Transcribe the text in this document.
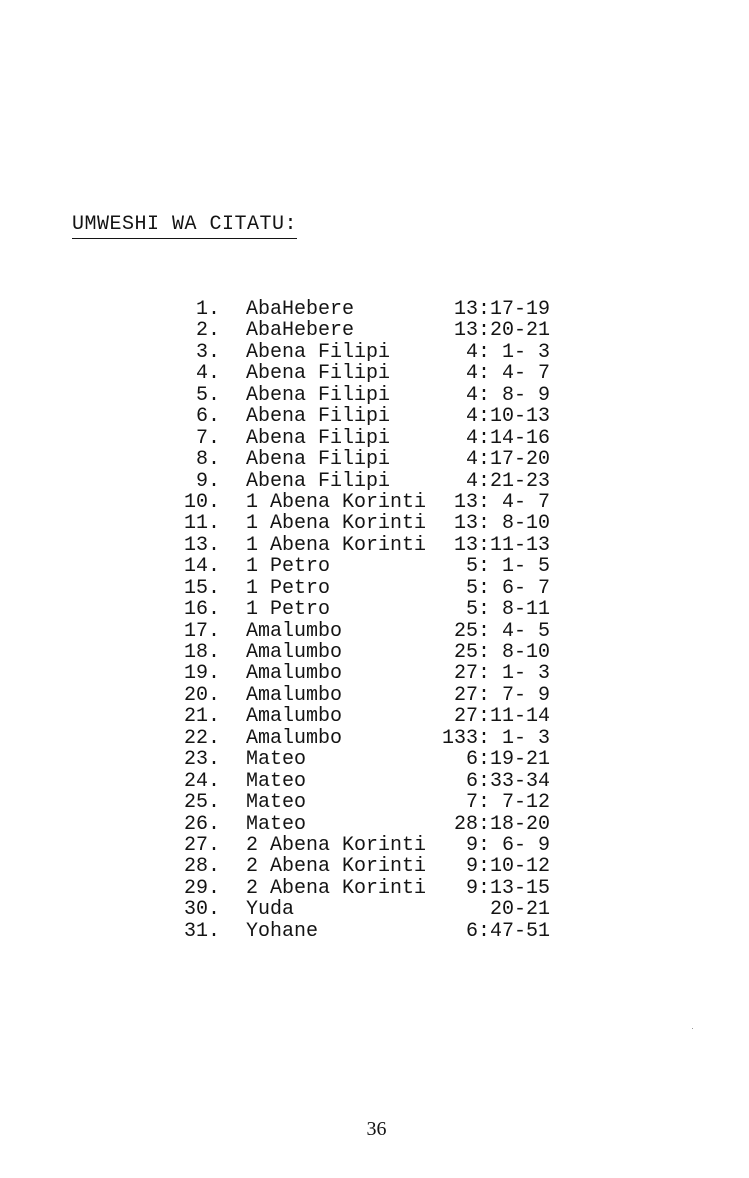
UMWESHI WA CITATU:
1. AbaHebere	13:17-19
2. AbaHebere	13:20-21
3. Abena Filipi	4: 1- 3
4. Abena Filipi	4: 4- 7
5. Abena Filipi	4: 8- 9
6. Abena Filipi	4:10-13
7. Abena Filipi	4:14-16
8. Abena Filipi	4:17-20
9. Abena Filipi	4:21-23
10. 1 Abena Korinti 13: 4- 7
11. 1 Abena Korinti 13: 8-10
13. 1 Abena Korinti 13:11-13
14. 1 Petro	5: 1- 5
15. 1 Petro	5: 6- 7
16. 1 Petro	5: 8-11
17. Amalumbo	25: 4- 5
18. Amalumbo	25: 8-10
19. Amalumbo	27: 1- 3
20. Amalumbo	27: 7- 9
21. Amalumbo	27:11-14
22. Amalumbo	133: 1- 3
23. Mateo	6:19-21
24. Mateo	6:33-34
25. Mateo	7: 7-12
26. Mateo	28:18-20
27. 2 Abena Korinti 9: 6- 9
28. 2 Abena Korinti 9:10-12
29. 2 Abena Korinti 9:13-15
30. Yuda	20-21
31. Yohane	6:47-51
36
